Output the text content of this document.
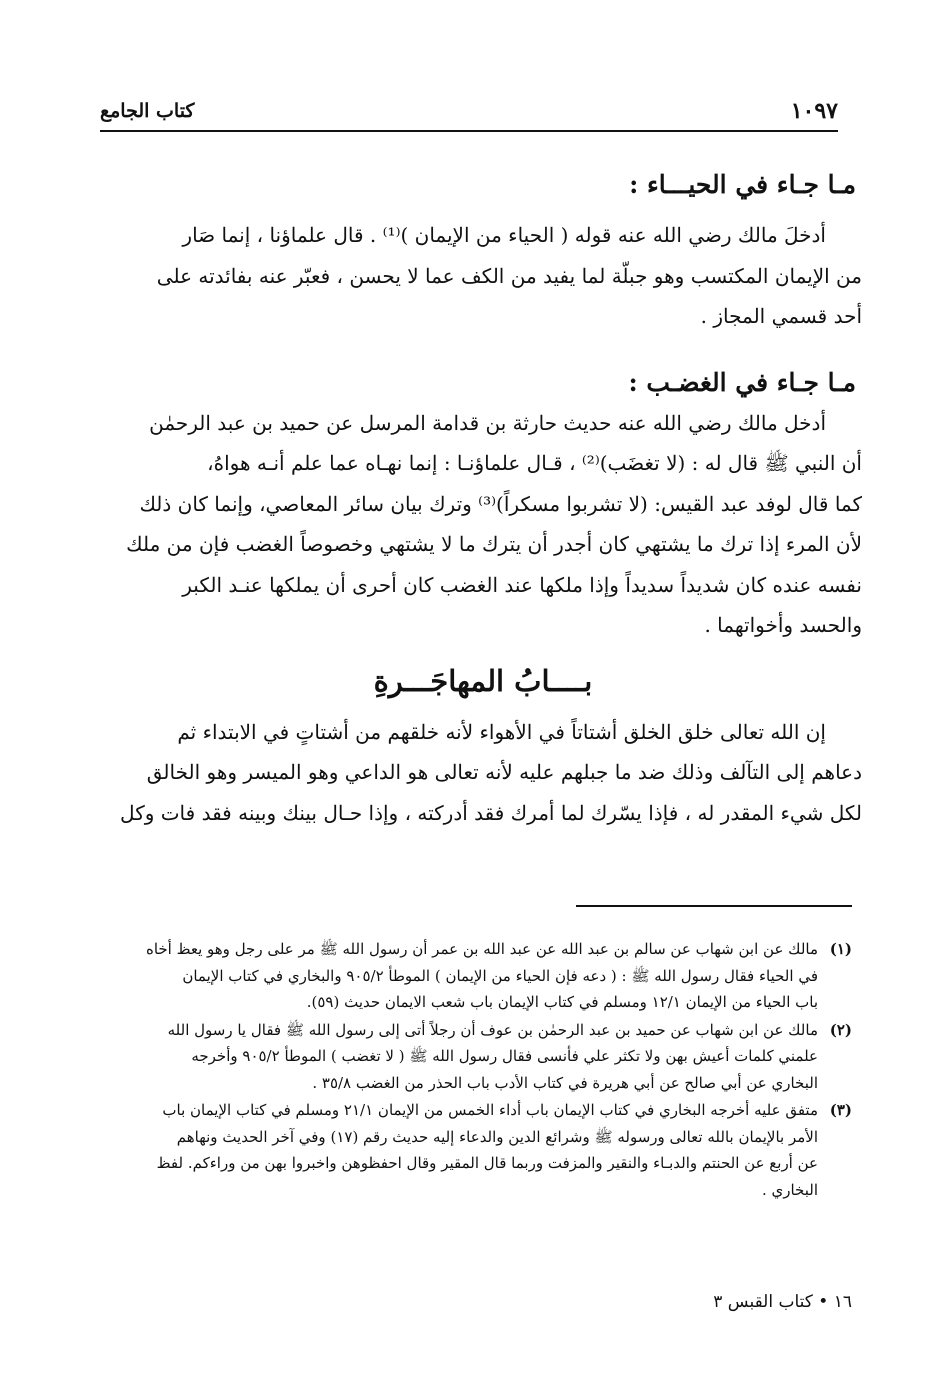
١٠٩٧
كتاب الجامع
مـا جـاء في الحيـــاء :

أدخلَ مالك رضي الله عنه قوله ( الحياء من الإيمان )⁽¹⁾ . قال علماؤنا ، إنما صَار
من الإيمان المكتسب وهو جبلّة لما يفيد من الكف عما لا يحسن ، فعبّر عنه بفائدته على
أحد قسمي المجاز .

مـا جـاء في الغضـب :

أدخل مالك رضي الله عنه حديث حارثة بن قدامة المرسل عن حميد بن عبد الرحمٰن
أن النبي ﷺ قال له : (لا تغضَب)⁽²⁾ ، قـال علماؤنـا : إنما نهـاه عما علم أنـه هواهُ،
كما قال لوفد عبد القيس: (لا تشربوا مسكراً)⁽³⁾ وترك بيان سائر المعاصي، وإنما كان ذلك
لأن المرء إذا ترك ما يشتهي كان أجدر أن يترك ما لا يشتهي وخصوصاً الغضب فإن من ملك
نفسه عنده كان شديداً سديداً وإذا ملكها عند الغضب كان أحرى أن يملكها عنـد الكبر
والحسد وأخواتهما .

بــــابُ المهاجَـــرةِ

إن الله تعالى خلق الخلق أشتاتاً في الأهواء لأنه خلقهم من أشتاتٍ في الابتداء ثم
دعاهم إلى التآلف وذلك ضد ما جبلهم عليه لأنه تعالى هو الداعي وهو الميسر وهو الخالق
لكل شيء المقدر له ، فإذا يسّرك لما أمرك فقد أدركته ، وإذا حـال بينك وبينه فقد فات وكل

(١)
مالك عن ابن شهاب عن سالم بن عبد الله عن عبد الله بن عمر أن رسول الله ﷺ مر على رجل وهو يعظ أخاه
في الحياء فقال رسول الله ﷺ : ( دعه فإن الحياء من الإيمان ) الموطأ ٩٠٥/٢ والبخاري في كتاب الإيمان
باب الحياء من الإيمان ١٢/١ ومسلم في كتاب الإيمان باب شعب الايمان حديث (٥٩).
(٢)
مالك عن ابن شهاب عن حميد بن عبد الرحمٰن بن عوف أن رجلاً أتى إلى رسول الله ﷺ فقال يا رسول الله
علمني كلمات أعيش بهن ولا تكثر علي فأنسى فقال رسول الله ﷺ ( لا تغضب ) الموطأ ٩٠٥/٢ وأخرجه
البخاري عن أبي صالح عن أبي هريرة في كتاب الأدب باب الحذر من الغضب ٣٥/٨ .
(٣)
متفق عليه أخرجه البخاري في كتاب الإيمان باب أداء الخمس من الإيمان ٢١/١ ومسلم في كتاب الإيمان باب
الأمر بالإيمان بالله تعالى ورسوله ﷺ وشرائع الدين والدعاء إليه حديث رقم (١٧) وفي آخر الحديث ونهاهم
عن أربع عن الحنتم والدبـاء والنقير والمزفت وربما قال المقير وقال احفظوهن واخبروا بهن من وراءكم. لفظ
البخاري .
١٦ • كتاب القبس ٣
